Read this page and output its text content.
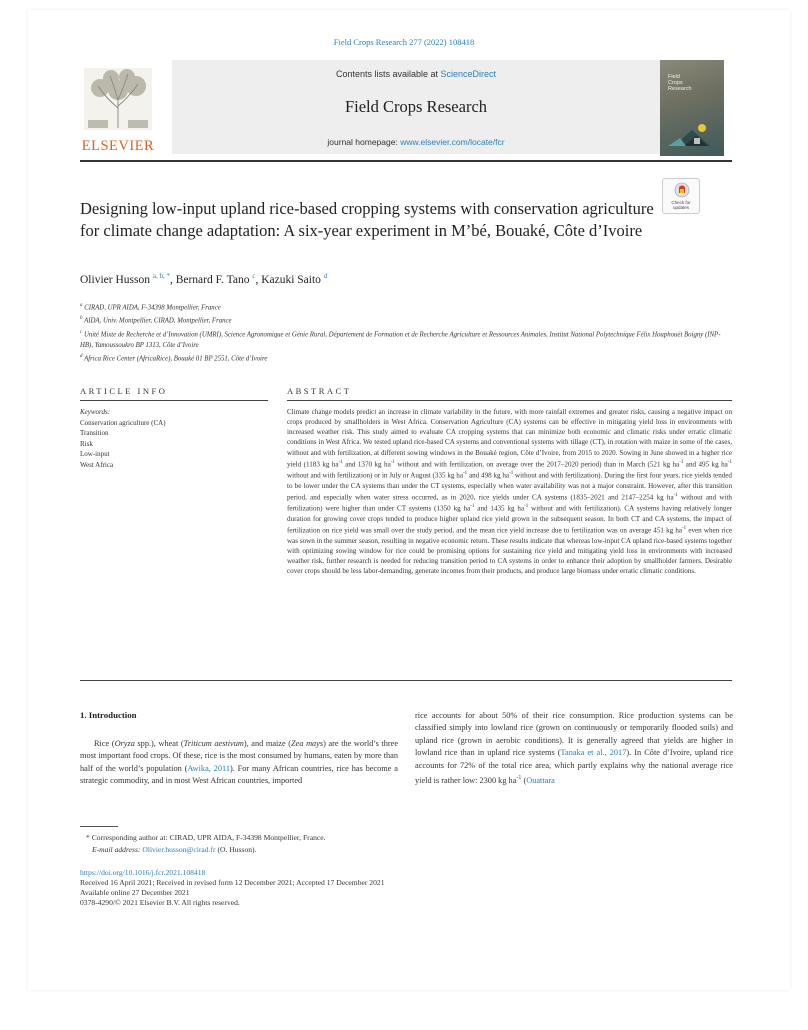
Field Crops Research 277 (2022) 108418
ELSEVIER
Contents lists available at ScienceDirect
Field Crops Research
journal homepage: www.elsevier.com/locate/fcr
Field
Crops
Research
Check for updates
Designing low-input upland rice-based cropping systems with conservation agriculture for climate change adaptation: A six-year experiment in M’bé, Bouaké, Côte d’Ivoire
Olivier Husson $^{a, b, *}$, Bernard F. Tano $^c$, Kazuki Saito $^d$
$^a$ CIRAD, UPR AIDA, F-34398 Montpellier, France
$^b$ AIDA, Univ. Montpellier, CIRAD, Montpellier, France
$^c$ Unité Mixte de Recherche et d’Innovation (UMRI), Science Agronomique et Génie Rural, Département de Formation et de Recherche Agriculture et Ressources Animales, Institut National Polytechnique Félix Houphouët Boigny (INP-HB), Yamoussoukro BP 1313, Côte d’Ivoire
$^d$ Africa Rice Center (AfricaRice), Bouaké 01 BP 2551, Côte d’Ivoire
ARTICLE INFO	ABSTRACT
Keywords:
Conservation agriculture (CA)
Transition
Risk
Low-input
West Africa
Climate change models predict an increase in climate variability in the future, with more rainfall extremes and greater risks, causing a negative impact on crops produced by smallholders in West Africa. Conservation Agriculture (CA) systems can be effective in mitigating yield loss in environments with increased weather risk. This study aimed to evaluate CA cropping systems that can minimize both economic and climatic risks under erratic climatic conditions in West Africa. We tested upland rice-based CA systems and conventional systems with tillage (CT), in rotation with maize in some of the cases, without and with fertilization, at different sowing windows in the Bouaké region, Côte d’Ivoire, from 2015 to 2020. Sowing in June showed in a higher rice yield (1183 kg $ha^{-1}$ and 1370 kg $ha^{-1}$ without and with fertilization, on average over the 2017–2020 period) than in March (521 kg $ha^{-1}$ and 495 kg $ha^{-1}$ without and with fertilization) or in July or August (335 kg $ha^{-1}$ and 498 kg $ha^{-1}$ without and with fertilization). During the first four years, rice yields tended to be lower under the CA systems than under the CT systems, especially when water availability was not a major constraint. However, after this transition period, and especially when water stress occurred, as in 2020, rice yields under CA systems (1835–2021 and 2147–2254 kg $ha^{-1}$ without and with fertilization) were higher than under CT systems (1350 kg $ha^{-1}$ and 1435 kg $ha^{-1}$ without and with fertilization). CA systems having relatively longer duration for growing cover crops tended to produce higher upland rice yield grown in the subsequent season. In both CT and CA systems, the impact of fertilization on rice yield was small over the study period, and the mean rice yield increase due to fertilization was on average 451 kg $ha^{-1}$ even when rice was sown in the summer season, resulting in negative economic return. These results indicate that whereas low-input CA upland rice-based systems together with optimizing sowing window for rice could be promising options for sustaining rice yield and mitigating yield loss in environments with increased weather risk, further research is needed for reducing transition period to CA systems in order to enhance their adoption by smallholder farmers. Desirable cover crops should be less labor-demanding, generate incomes from their products, and produce large biomass under erratic climatic conditions.
1. Introduction
Rice (Oryza spp.), wheat (Triticum aestivum), and maize (Zea mays) are the world’s three most important food crops. Of these, rice is the most consumed by humans, eaten by more than half of the world’s population (Awika, 2011). For many African countries, rice has become a strategic commodity, and in most West African countries, imported
rice accounts for about 50% of their rice consumption. Rice production systems can be classified simply into lowland rice (grown on continuously or temporarily flooded soils) and upland rice (grown in aerobic conditions). It is generally agreed that yields are higher in lowland rice than in upland rice systems (Tanaka et al., 2017). In Côte d’Ivoire, upland rice accounts for 72% of the total rice area, which partly explains why the national average rice yield is rather low: 2300 kg $ha^{-1}$ (Ouattara
* Corresponding author at: CIRAD, UPR AIDA, F-34398 Montpellier, France.
E-mail address: Olivier.husson@cirad.fr (O. Husson).
https://doi.org/10.1016/j.fcr.2021.108418
Received 16 April 2021; Received in revised form 12 December 2021; Accepted 17 December 2021
Available online 27 December 2021
0378-4290/© 2021 Elsevier B.V. All rights reserved.
